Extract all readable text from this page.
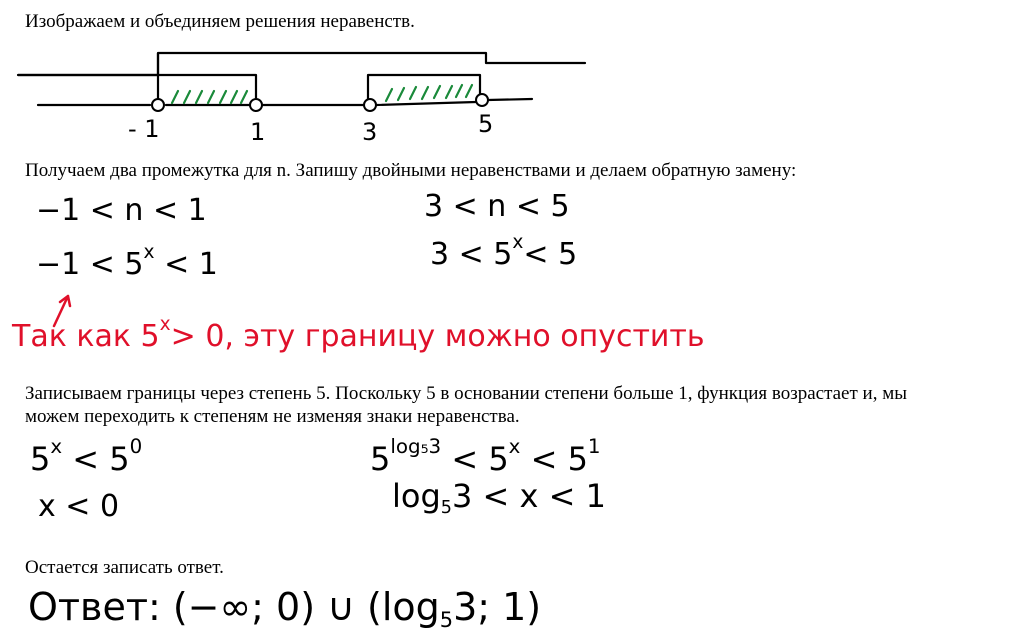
Изображаем и объединяем решения неравенств.
- 1	1	3	5
Получаем два промежутка для n. Запишу двойными неравенствами и делаем обратную замену:
−1 < n < 1	3 < n < 5
$-1 < 5^x < 1$	$3 < 5^x< 5$
Так как $5^x> 0$, эту границу можно опустить
Записываем границы через степень 5. Поскольку 5 в основании степени больше 1, функция возрастает и, мы
можем переходить к степеням не изменяя знаки неравенства.
$5^x < 5^0$
x < 0
$5^{log_53} < 5^x < 5^1$
$\log_53 < x < 1$
Остается записать ответ.
Ответ: (−∞; 0) ∪ ($\log_53$; 1)
